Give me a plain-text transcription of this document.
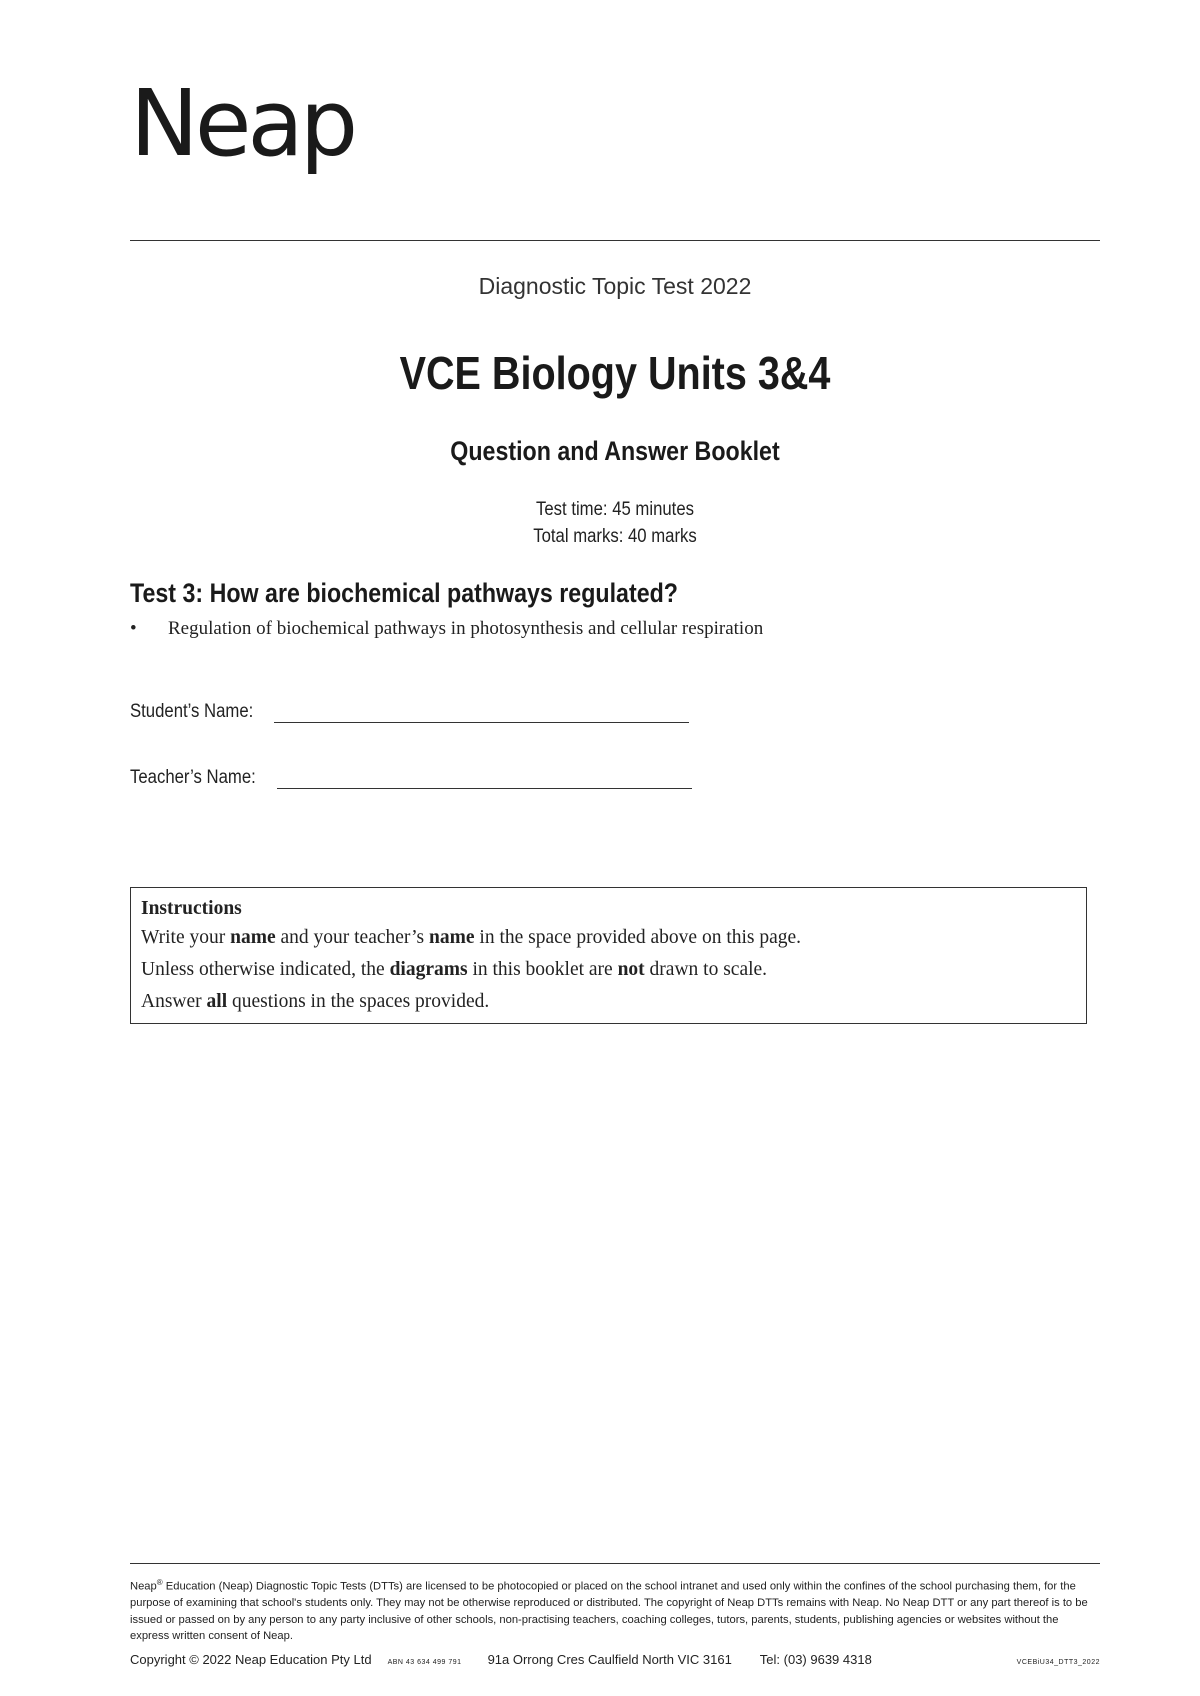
Neap
Diagnostic Topic Test 2022
VCE Biology Units 3&4
Question and Answer Booklet
Test time: 45 minutes
Total marks: 40 marks
Test 3: How are biochemical pathways regulated?
• Regulation of biochemical pathways in photosynthesis and cellular respiration
Student’s Name:
Teacher’s Name:
Instructions

Write your name and your teacher’s name in the space provided above on this page.

Unless otherwise indicated, the diagrams in this booklet are not drawn to scale.

Answer all questions in the spaces provided.

Neap® Education (Neap) Diagnostic Topic Tests (DTTs) are licensed to be photocopied or placed on the school intranet and used only within the confines of the school purchasing them, for the purpose of examining that school's students only. They may not be otherwise reproduced or distributed. The copyright of Neap DTTs remains with Neap. No Neap DTT or any part thereof is to be issued or passed on by any person to any party inclusive of other schools, non-practising teachers, coaching colleges, tutors, parents, students, publishing agencies or websites without the express written consent of Neap.
Copyright © 2022 Neap Education Pty Ltd ABN 43 634 499 791 91a Orrong Cres Caulfield North VIC 3161 Tel: (03) 9639 4318	VCEBiU34_DTT3_2022
